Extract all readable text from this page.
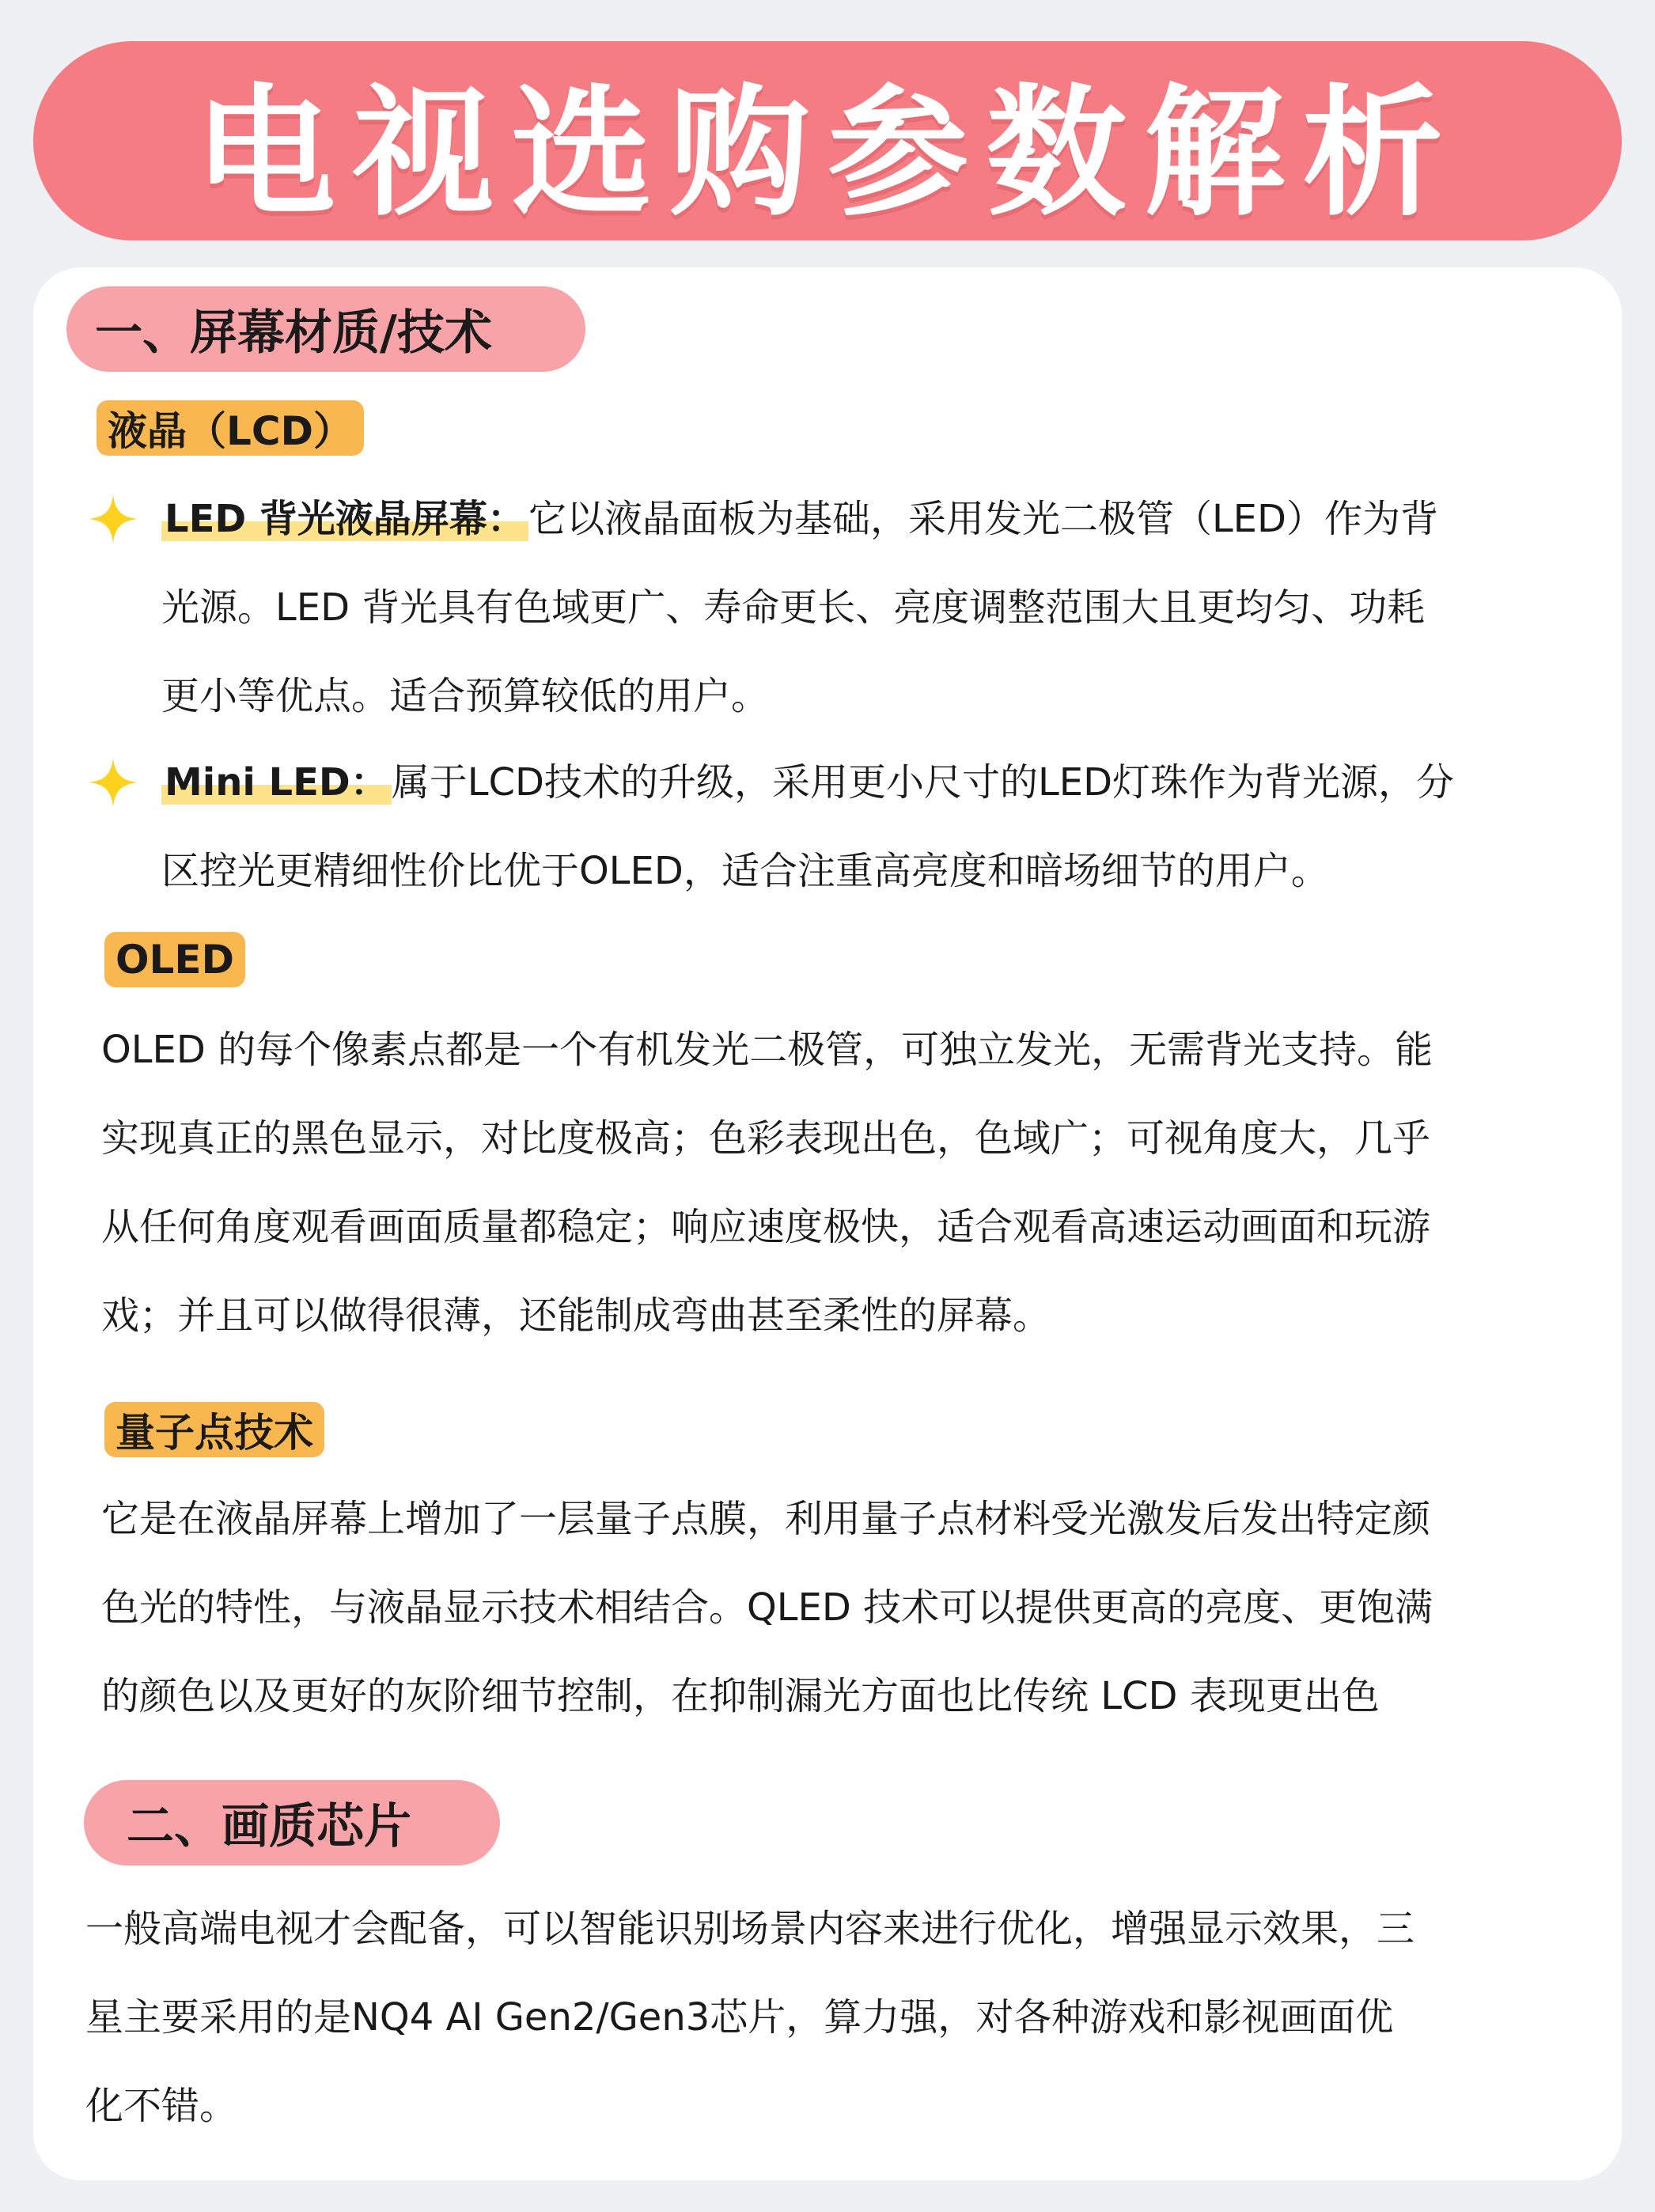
电视选购参数解析
一、屏幕材质/技术
液晶（LCD）
LED 背光液晶屏幕：它以液晶面板为基础，采用发光二极管（LED）作为背
光源。LED 背光具有色域更广、寿命更长、亮度调整范围大且更均匀、功耗
更小等优点。适合预算较低的用户。
Mini LED：属于LCD技术的升级，采用更小尺寸的LED灯珠作为背光源，分
区控光更精细性价比优于OLED，适合注重高亮度和暗场细节的用户。
OLED
OLED 的每个像素点都是一个有机发光二极管，可独立发光，无需背光支持。能
实现真正的黑色显示，对比度极高；色彩表现出色，色域广；可视角度大，几乎
从任何角度观看画面质量都稳定；响应速度极快，适合观看高速运动画面和玩游
戏；并且可以做得很薄，还能制成弯曲甚至柔性的屏幕。
量子点技术
它是在液晶屏幕上增加了一层量子点膜，利用量子点材料受光激发后发出特定颜
色光的特性，与液晶显示技术相结合。QLED 技术可以提供更高的亮度、更饱满
的颜色以及更好的灰阶细节控制，在抑制漏光方面也比传统 LCD 表现更出色
二、画质芯片
一般高端电视才会配备，可以智能识别场景内容来进行优化，增强显示效果，三
星主要采用的是NQ4 AI Gen2/Gen3芯片，算力强，对各种游戏和影视画面优
化不错。
